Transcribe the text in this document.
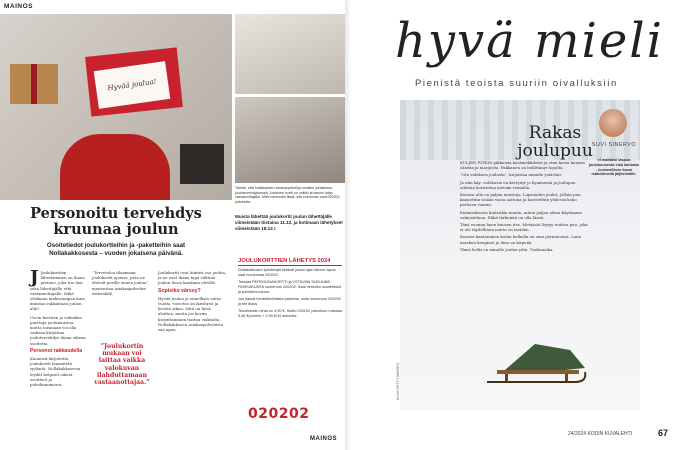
Hyvää joulua!
MAINOS
Tanskli, että Nollakaksen asiakaspalvelija onnistui jokaisessa joulutervehdyksessä. Jokainen kortti on uniikki ja kaunis lahja vastaanottajalle. Mitä enemmän tilaat, sitä enemmän saat 020202 palveluita.
Personoitu tervehdys kruunaa joulun
Osoitetiedot joulukortteihin ja -paketteihin saat Nollakakkosesta – vuoden jokaisena päivänä.

J Joulukorttien lähettäminen on ihana perinne, joka tuo ilon sekä lähettäjälle että vastaanottajalle. Mikä olisikaan mukavampaa kuin muistaa rakkaitaan joulun alla?

Usein korttien ja valmiiksi puettuja joulumuistoa, mutta toisinaan voi olla vaikeaa kirjoittaa joulutervehdys ilman oikeaa osoitetta.

Personoi rakkaudella

Kauniisti kirjoitettu joulukortti lämmittää sydäntä. Nollakakkosesta löydät helposti oikeat osoitteet ja puhelinnumerot.

”Tervetuloa tilaamaan joulukortit ajoissa, jotta ne ehtivät perille ennen joulua”, muistuttaa asiakaspalvelun esihenkilö.

”Joulukortin mukaan voi laittaa vaikka valokuvan ilahduttamaan vastaanottajaa.”

Joulukortit ovat kiinteä osa joulua, ja ne ovat ihana tapa välittää joulun ilosia kaukana oleville.

Sopisiko värssy?

Hyvää joulua ja onnellista uutta vuotta -toivotus on ikivihreä ja kestää aikaa. Siitä on hyvä aloittaa, mutta jos kortin kirjoittaminen tuntuu vaikealta, Nollakakkosen asiakaspalvelusta saa apua.

Muista lähettää joulukortit joulun lähettäjälle viimeistään tiistaina 11.12. ja kotimaan lähetykset viimeistään 18.12.!
JOULUKORTTIEN LÄHETYS 2024

Nollakakkosen työntekijät tietävät joulun ajan kiireet. Apua saat numerosta 020202.

Tekstaa PERSOONAKORTTI ja YSTÄVÄN SUKUNIMI PAIKKAKUNTA numeroon 020202. Saat henkilön osoitetiedot ja puhelinnumeron.

Jos haluat henkilökohtaista palvelua, soita numeroon 020202 ja tee tilaus.

Tekstiviestin hinta on 4,90 €. Soitto 020202 palveluun maksaa 3,46 €/puhelu + 0,99 €/10 sekuntia.

020202
MAINOS
hyvä mieli
Pienistä teoista suuriin oivalluksiin
Rakas joulupuu SUVI SINERVO
ei malttaisi laspua joulukuusesta eikä lainkaan - kummallinen kausi mäkeläisellä jäljitelmälle.

KULJEN PITKIN pikkuista kesämökkitietä ja otan kuvia kuusen oksista ja marjoista. Pakkanen on hellittänyt lopulta.

”Ota valokuva joulusta”, kirjoittaa minulle ystäväni.

Ja niin käy: valokuvia on kertynyt jo kymmeniä ja joulupuu odottaa koristelua metsän reunalla.

Kuusen alla on paljon muistoja. Lapsuuden joulut, jolloin puu kannettiin sisään vasta aattona ja koristeltiin yhdessä koko perheen voimin.

Enimmäkseen kuitenkin mietin, miten paljon aikaa käytämme valmisteluun. Ehkä tärkeintä on olla läsnä.

Tänä vuonna haen kuusen itse. Metsästä löytyy tuuhea puu, joka ei ole täydellinen mutta on meidän.

Kuusen kantaminen kotiin kelkalla on oma perinteensä. Lumi narskuu kengissä ja ilma on kirpeää.

Tämä hetki on minulle joulun ydin. Tuuksuaika.

KUVA GETTY IMAGES
24/2024 KODIN KUVALEHTI	67
